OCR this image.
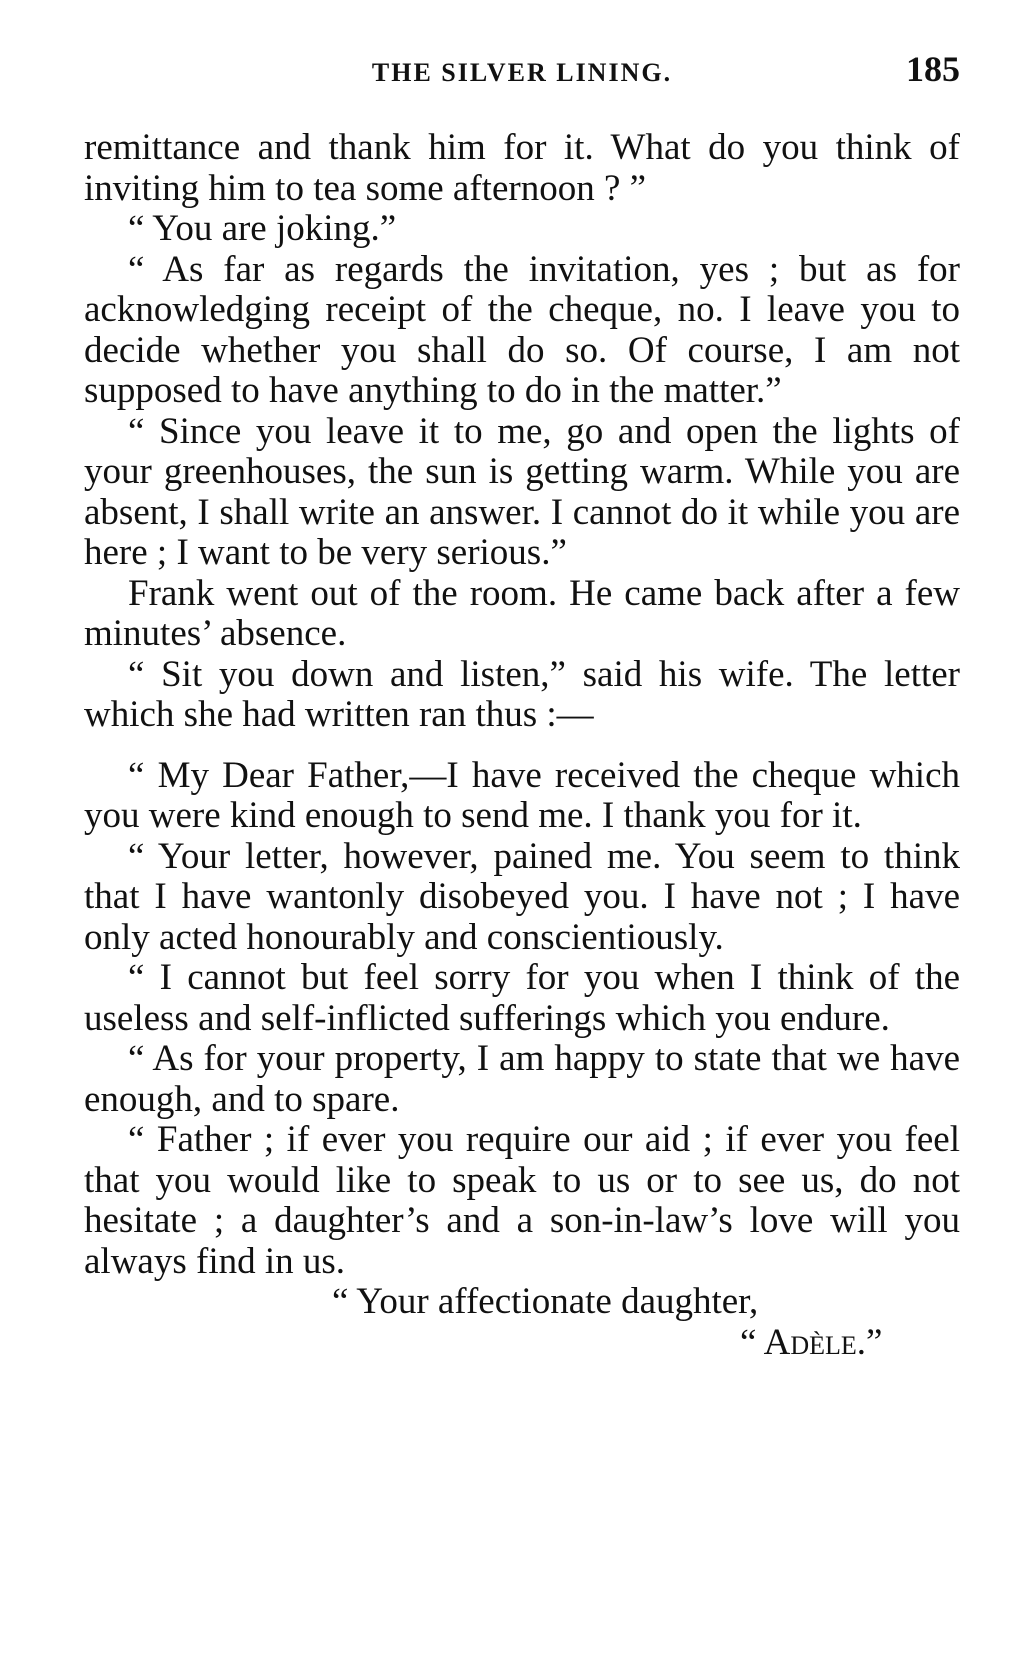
THE SILVER LINING.	185

remittance and thank him for it. What do you think of inviting him to tea some afternoon ? ”

“ You are joking.”

“ As far as regards the invitation, yes ; but as for acknowledging receipt of the cheque, no. I leave you to decide whether you shall do so. Of course, I am not supposed to have anything to do in the matter.”

“ Since you leave it to me, go and open the lights of your greenhouses, the sun is getting warm. While you are absent, I shall write an answer. I cannot do it while you are here ; I want to be very serious.”

Frank went out of the room. He came back after a few minutes’ absence.

“ Sit you down and listen,” said his wife. The letter which she had written ran thus :—

“ My Dear Father,—I have received the cheque which you were kind enough to send me. I thank you for it.

“ Your letter, however, pained me. You seem to think that I have wantonly disobeyed you. I have not ; I have only acted honourably and conscientiously.

“ I cannot but feel sorry for you when I think of the useless and self-inflicted sufferings which you endure.

“ As for your property, I am happy to state that we have enough, and to spare.

“ Father ; if ever you require our aid ; if ever you feel that you would like to speak to us or to see us, do not hesitate ; a daughter’s and a son-in-law’s love will you always find in us.

“ Your affectionate daughter,

“ Adèle.”
